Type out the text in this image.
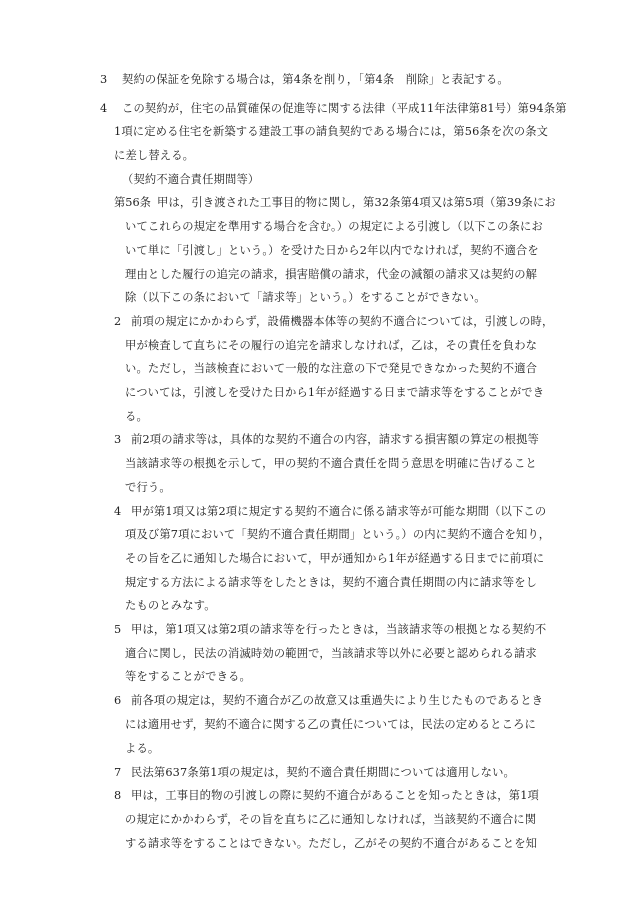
3 契約の保証を免除する場合は，第4条を削り，「第4条　削除」と表記する。
4 この契約が，住宅の品質確保の促進等に関する法律（平成11年法律第81号）第94条第
1項に定める住宅を新築する建設工事の請負契約である場合には，第56条を次の条文
に差し替える。
（契約不適合責任期間等）
第56条 甲は，引き渡された工事目的物に関し，第32条第4項又は第5項（第39条にお
いてこれらの規定を準用する場合を含む。）の規定による引渡し（以下この条にお
いて単に「引渡し」という。）を受けた日から2年以内でなければ，契約不適合を
理由とした履行の追完の請求，損害賠償の請求，代金の減額の請求又は契約の解
除（以下この条において「請求等」という。）をすることができない。
2 前項の規定にかかわらず，設備機器本体等の契約不適合については，引渡しの時，
甲が検査して直ちにその履行の追完を請求しなければ，乙は，その責任を負わな
い。ただし，当該検査において一般的な注意の下で発見できなかった契約不適合
については，引渡しを受けた日から1年が経過する日まで請求等をすることができ
る。
3 前2項の請求等は，具体的な契約不適合の内容，請求する損害額の算定の根拠等
当該請求等の根拠を示して，甲の契約不適合責任を問う意思を明確に告げること
で行う。
4 甲が第1項又は第2項に規定する契約不適合に係る請求等が可能な期間（以下この
項及び第7項において「契約不適合責任期間」という。）の内に契約不適合を知り，
その旨を乙に通知した場合において，甲が通知から1年が経過する日までに前項に
規定する方法による請求等をしたときは，契約不適合責任期間の内に請求等をし
たものとみなす。
5 甲は，第1項又は第2項の請求等を行ったときは，当該請求等の根拠となる契約不
適合に関し，民法の消滅時効の範囲で，当該請求等以外に必要と認められる請求
等をすることができる。
6 前各項の規定は，契約不適合が乙の故意又は重過失により生じたものであるとき
には適用せず，契約不適合に関する乙の責任については，民法の定めるところに
よる。
7 民法第637条第1項の規定は，契約不適合責任期間については適用しない。
8 甲は，工事目的物の引渡しの際に契約不適合があることを知ったときは，第1項
の規定にかかわらず，その旨を直ちに乙に通知しなければ，当該契約不適合に関
する請求等をすることはできない。ただし，乙がその契約不適合があることを知
